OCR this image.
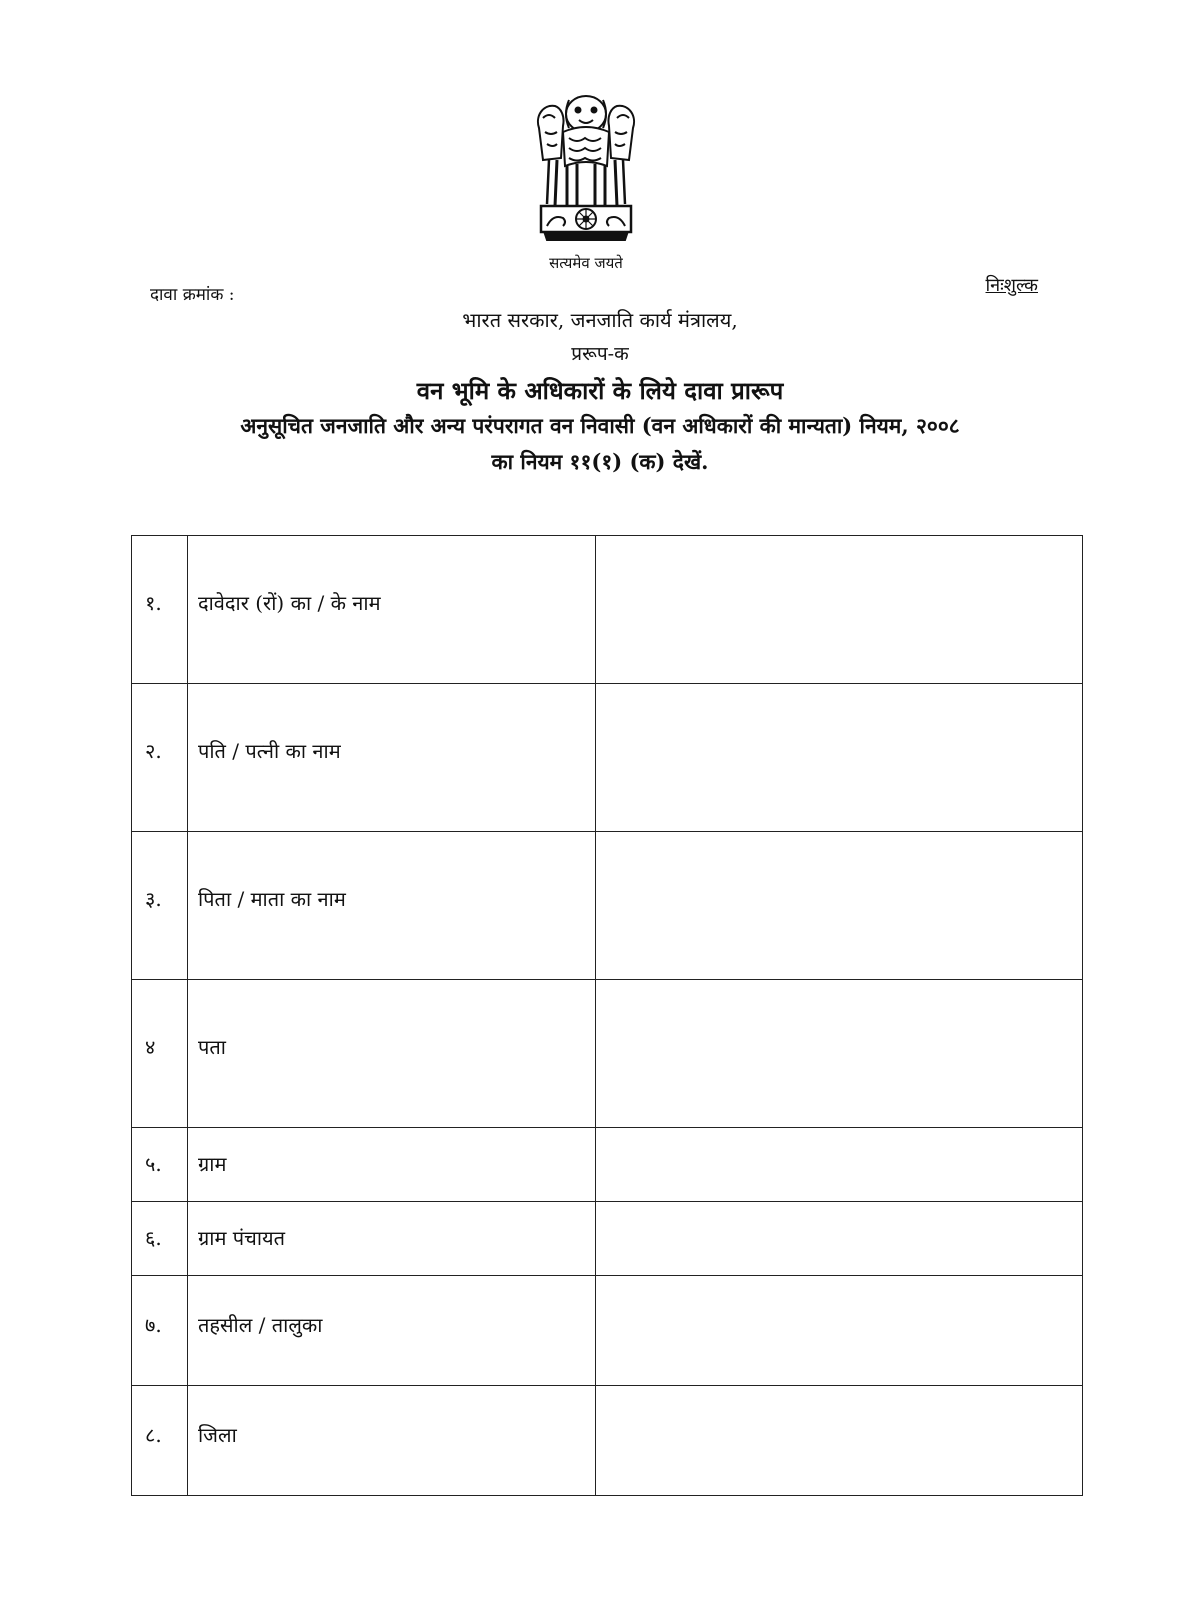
सत्यमेव जयते
दावा क्रमांक :	निःशुल्क
भारत सरकार, जनजाति कार्य मंत्रालय,
प्ररूप-क
वन भूमि के अधिकारों के लिये दावा प्रारूप
अनुसूचित जनजाति और अन्य परंपरागत वन निवासी (वन अधिकारों की मान्यता) नियम, २००८
का नियम ११(१) (क) देखें.
१.	दावेदार (रों) का / के नाम	

२.	पति / पत्नी का नाम	

३.	पिता / माता का नाम	

४	पता	

५.	ग्राम	

६.	ग्राम पंचायत	

७.	तहसील / तालुका	

८.	जिला	
